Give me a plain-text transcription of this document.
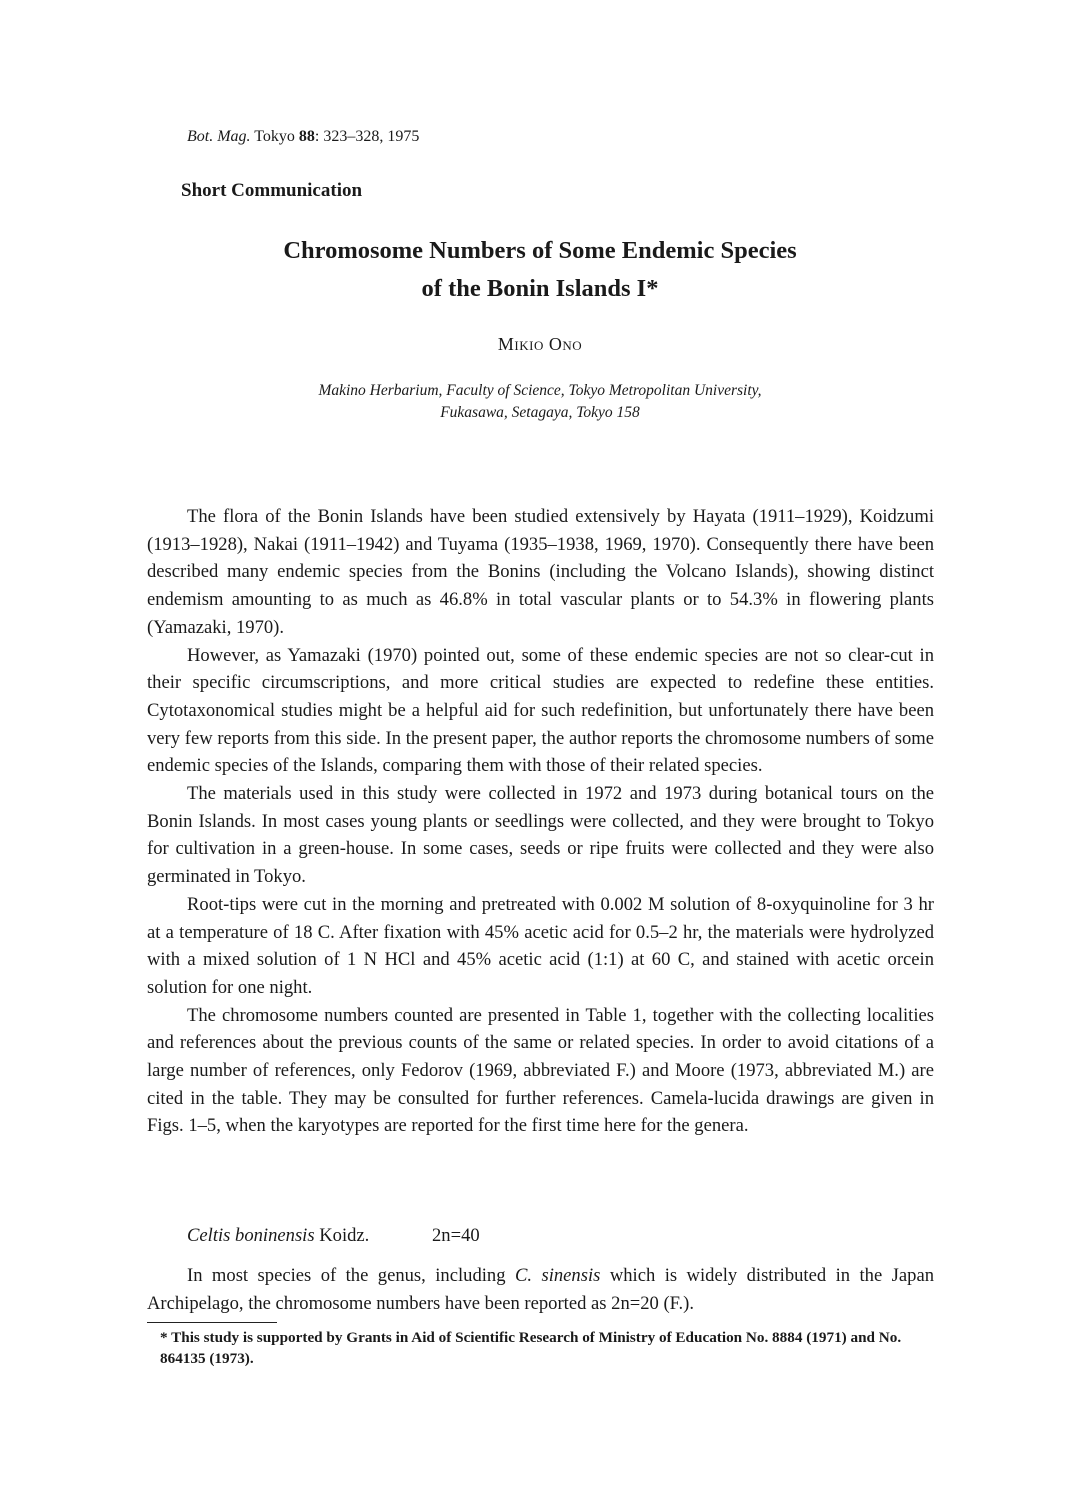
Bot. Mag. Tokyo 88: 323–328, 1975
Short Communication
Chromosome Numbers of Some Endemic Species
of the Bonin Islands I*
Mikio Ono
Makino Herbarium, Faculty of Science, Tokyo Metropolitan University,
Fukasawa, Setagaya, Tokyo 158

The flora of the Bonin Islands have been studied extensively by Hayata (1911–1929), Koidzumi (1913–1928), Nakai (1911–1942) and Tuyama (1935–1938, 1969, 1970). Consequently there have been described many endemic species from the Bonins (including the Volcano Islands), showing distinct endemism amounting to as much as 46.8% in total vascular plants or to 54.3% in flowering plants (Yamazaki, 1970).

However, as Yamazaki (1970) pointed out, some of these endemic species are not so clear-cut in their specific circumscriptions, and more critical studies are expected to redefine these entities. Cytotaxonomical studies might be a helpful aid for such redefinition, but unfortunately there have been very few reports from this side. In the present paper, the author reports the chromosome numbers of some endemic species of the Islands, comparing them with those of their related species.

The materials used in this study were collected in 1972 and 1973 during botanical tours on the Bonin Islands. In most cases young plants or seedlings were collected, and they were brought to Tokyo for cultivation in a green-house. In some cases, seeds or ripe fruits were collected and they were also germinated in Tokyo.

Root-tips were cut in the morning and pretreated with 0.002 M solution of 8-oxyquinoline for 3 hr at a temperature of 18 C. After fixation with 45% acetic acid for 0.5–2 hr, the materials were hydrolyzed with a mixed solution of 1 N HCl and 45% acetic acid (1:1) at 60 C, and stained with acetic orcein solution for one night.

The chromosome numbers counted are presented in Table 1, together with the collecting localities and references about the previous counts of the same or related species. In order to avoid citations of a large number of references, only Fedorov (1969, abbreviated F.) and Moore (1973, abbreviated M.) are cited in the table. They may be consulted for further references. Camela-lucida drawings are given in Figs. 1–5, when the karyotypes are reported for the first time here for the genera.

Celtis boninensis Koidz.	2n=40

In most species of the genus, including C. sinensis which is widely distributed in the Japan Archipelago, the chromosome numbers have been reported as 2n=20 (F.).

* This study is supported by Grants in Aid of Scientific Research of Ministry of Education No. 8884 (1971) and No. 864135 (1973).
